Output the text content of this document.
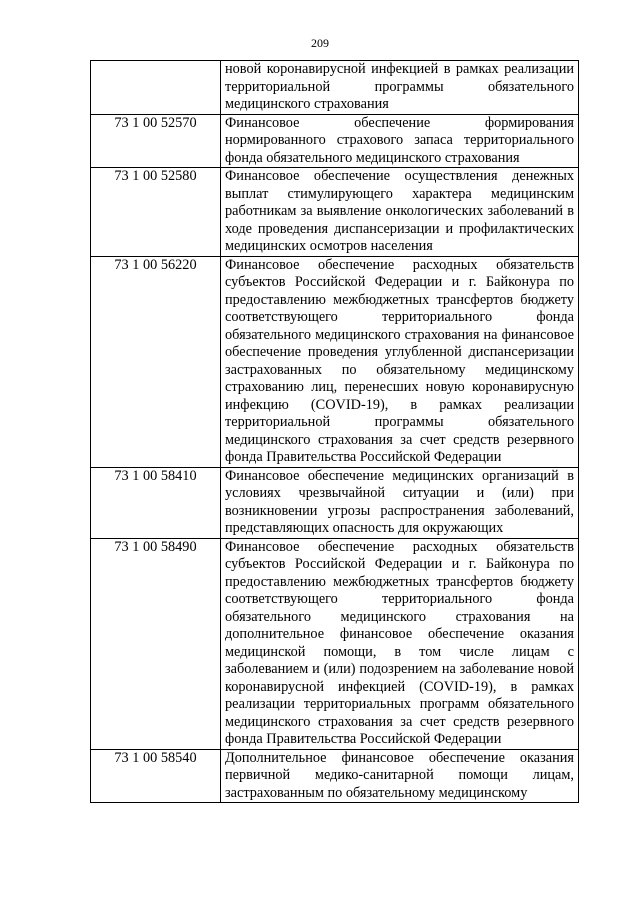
209
	новой коронавирусной инфекцией в рамках реализации территориальной программы обязательного медицинского страхования
73 1 00 52570	Финансовое обеспечение формирования нормированного страхового запаса территориального фонда обязательного медицинского страхования
73 1 00 52580	Финансовое обеспечение осуществления денежных выплат стимулирующего характера медицинским работникам за выявление онкологических заболеваний в ходе проведения диспансеризации и профилактических медицинских осмотров населения
73 1 00 56220	Финансовое обеспечение расходных обязательств субъектов Российской Федерации и г. Байконура по предоставлению межбюджетных трансфертов бюджету соответствующего территориального фонда обязательного медицинского страхования на финансовое обеспечение проведения углубленной диспансеризации застрахованных по обязательному медицинскому страхованию лиц, перенесших новую коронавирусную инфекцию (COVID-19), в рамках реализации территориальной программы обязательного медицинского страхования за счет средств резервного фонда Правительства Российской Федерации
73 1 00 58410	Финансовое обеспечение медицинских организаций в условиях чрезвычайной ситуации и (или) при возникновении угрозы распространения заболеваний, представляющих опасность для окружающих
73 1 00 58490	Финансовое обеспечение расходных обязательств субъектов Российской Федерации и г. Байконура по предоставлению межбюджетных трансфертов бюджету соответствующего территориального фонда обязательного медицинского страхования на дополнительное финансовое обеспечение оказания медицинской помощи, в том числе лицам с заболеванием и (или) подозрением на заболевание новой коронавирусной инфекцией (COVID-19), в рамках реализации территориальных программ обязательного медицинского страхования за счет средств резервного фонда Правительства Российской Федерации
73 1 00 58540	Дополнительное финансовое обеспечение оказания первичной медико-санитарной помощи лицам, застрахованным по обязательному медицинскому
